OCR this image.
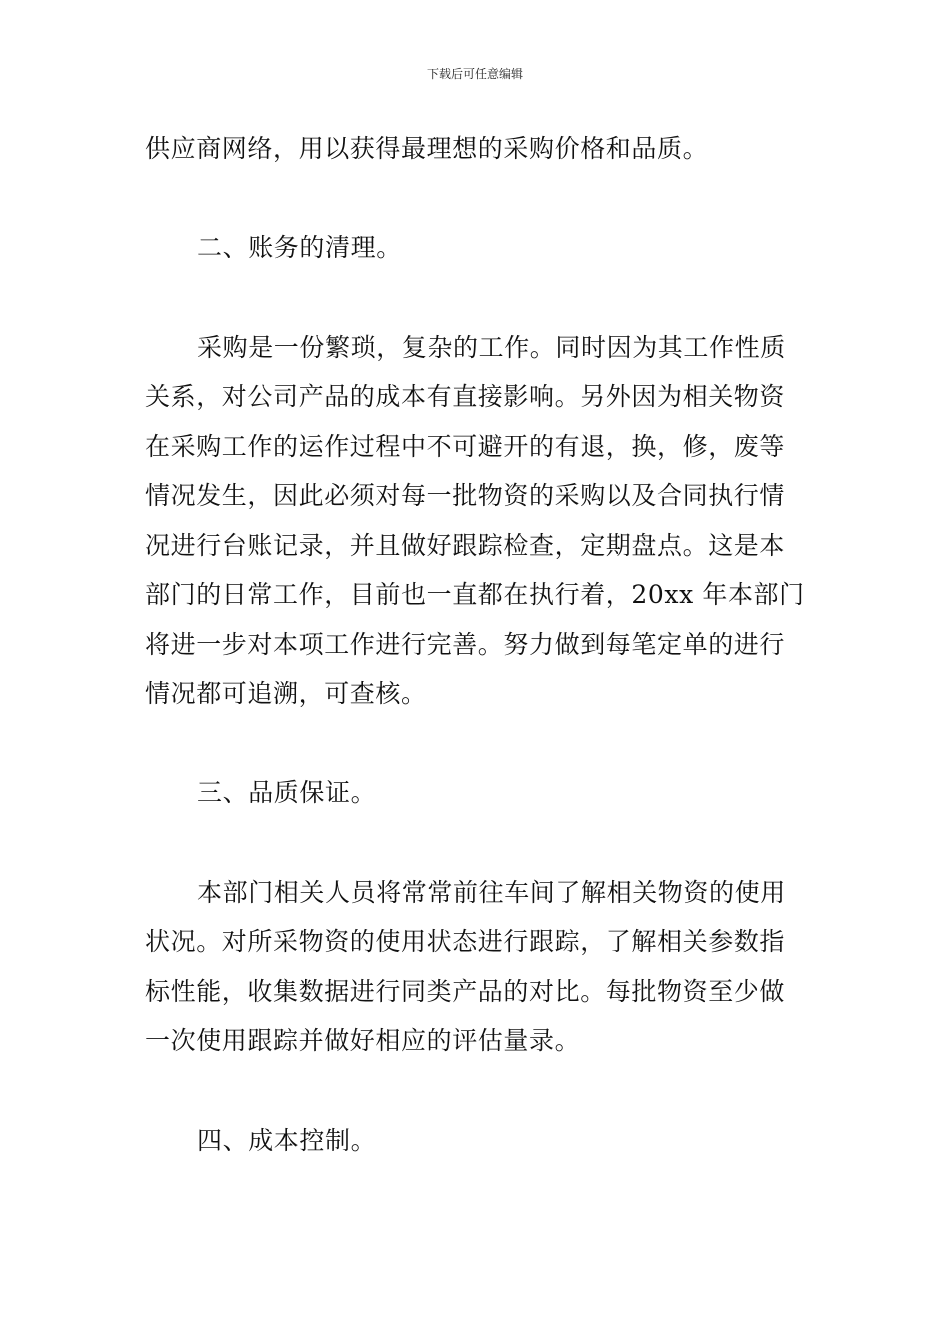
下载后可任意编辑
供应商网络，用以获得最理想的采购价格和品质。
二、账务的清理。
采购是一份繁琐，复杂的工作。同时因为其工作性质
关系，对公司产品的成本有直接影响。另外因为相关物资
在采购工作的运作过程中不可避开的有退，换，修，废等
情况发生，因此必须对每一批物资的采购以及合同执行情
况进行台账记录，并且做好跟踪检查，定期盘点。这是本
部门的日常工作，目前也一直都在执行着，20xx 年本部门
将进一步对本项工作进行完善。努力做到每笔定单的进行
情况都可追溯，可查核。
三、品质保证。
本部门相关人员将常常前往车间了解相关物资的使用
状况。对所采物资的使用状态进行跟踪，了解相关参数指
标性能，收集数据进行同类产品的对比。每批物资至少做
一次使用跟踪并做好相应的评估量录。
四、成本控制。
